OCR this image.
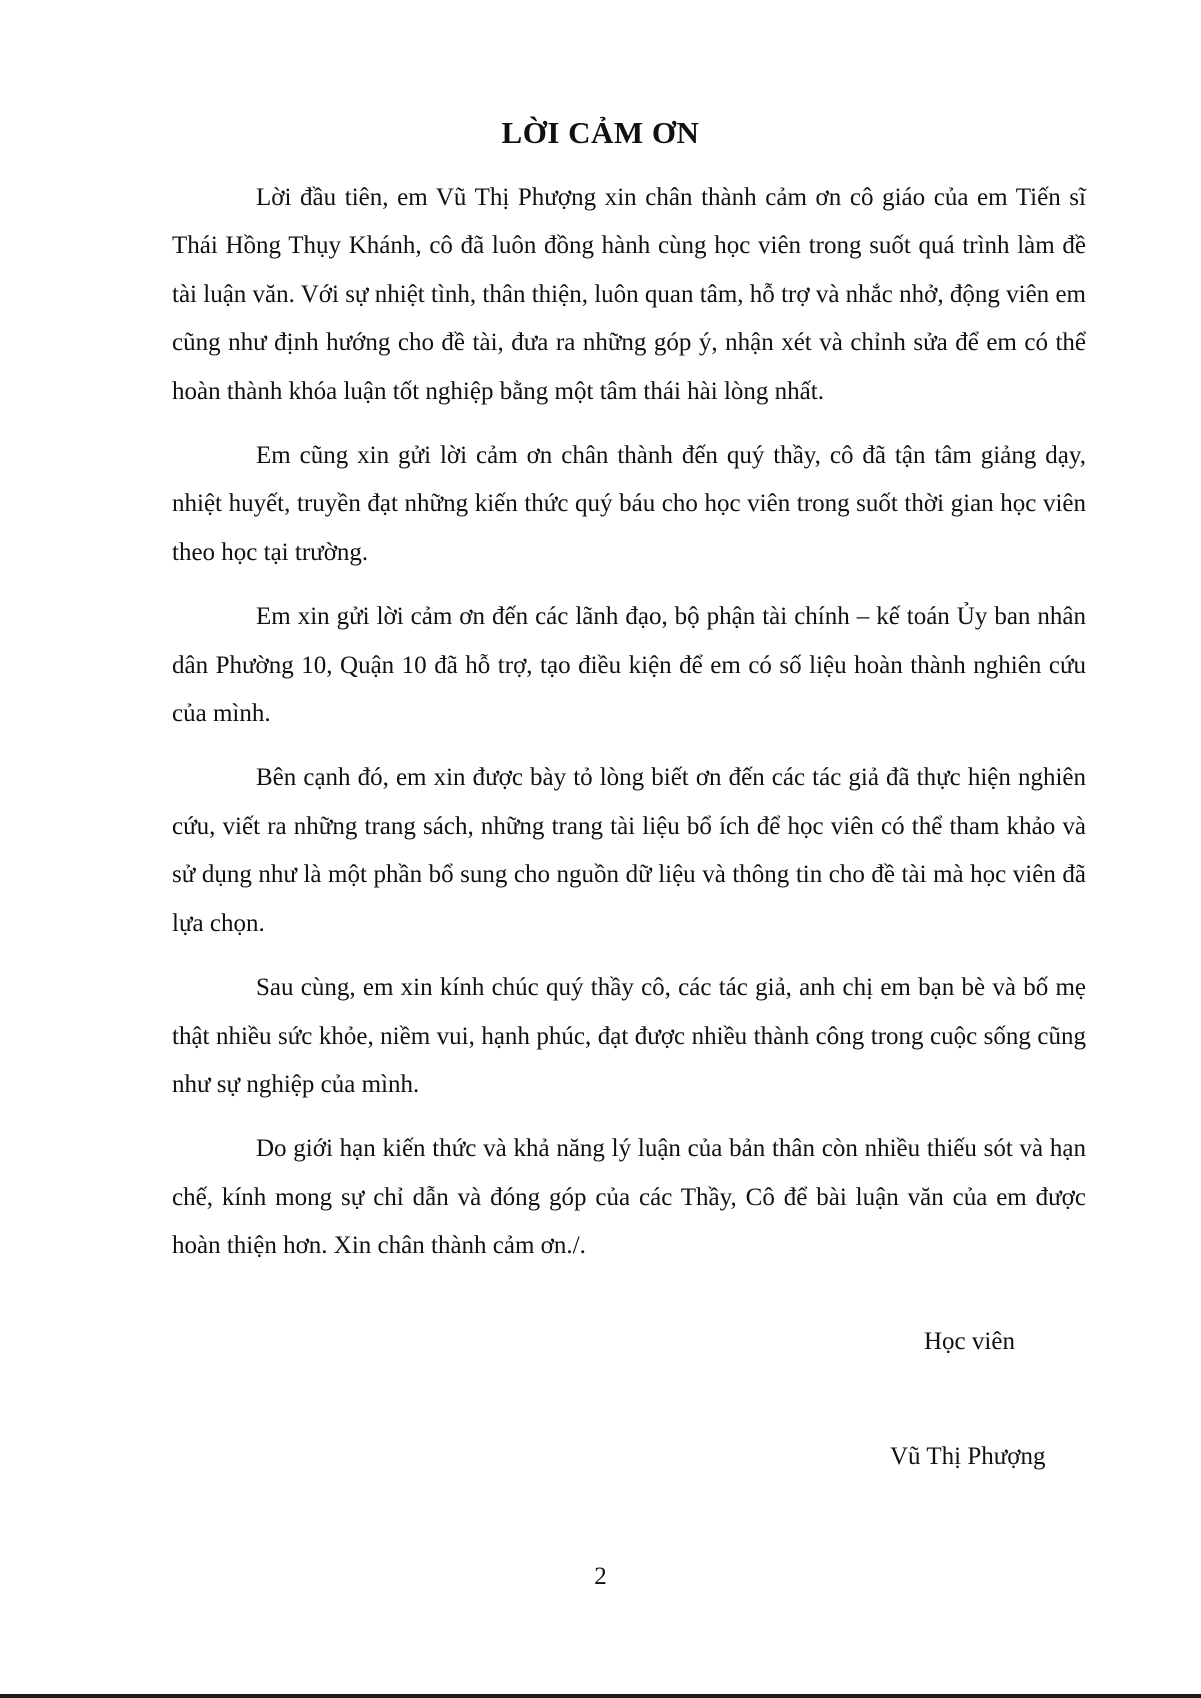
LỜI CẢM ƠN

Lời đầu tiên, em Vũ Thị Phượng xin chân thành cảm ơn cô giáo của em Tiến sĩ Thái Hồng Thụy Khánh, cô đã luôn đồng hành cùng học viên trong suốt quá trình làm đề tài luận văn. Với sự nhiệt tình, thân thiện, luôn quan tâm, hỗ trợ và nhắc nhở, động viên em cũng như định hướng cho đề tài, đưa ra những góp ý, nhận xét và chỉnh sửa để em có thể hoàn thành khóa luận tốt nghiệp bằng một tâm thái hài lòng nhất.

Em cũng xin gửi lời cảm ơn chân thành đến quý thầy, cô đã tận tâm giảng dạy, nhiệt huyết, truyền đạt những kiến thức quý báu cho học viên trong suốt thời gian học viên theo học tại trường.

Em xin gửi lời cảm ơn đến các lãnh đạo, bộ phận tài chính – kế toán Ủy ban nhân dân Phường 10, Quận 10 đã hỗ trợ, tạo điều kiện để em có số liệu hoàn thành nghiên cứu của mình.

Bên cạnh đó, em xin được bày tỏ lòng biết ơn đến các tác giả đã thực hiện nghiên cứu, viết ra những trang sách, những trang tài liệu bổ ích để học viên có thể tham khảo và sử dụng như là một phần bổ sung cho nguồn dữ liệu và thông tin cho đề tài mà học viên đã lựa chọn.

Sau cùng, em xin kính chúc quý thầy cô, các tác giả, anh chị em bạn bè và bố mẹ thật nhiều sức khỏe, niềm vui, hạnh phúc, đạt được nhiều thành công trong cuộc sống cũng như sự nghiệp của mình.

Do giới hạn kiến thức và khả năng lý luận của bản thân còn nhiều thiếu sót và hạn chế, kính mong sự chỉ dẫn và đóng góp của các Thầy, Cô để bài luận văn của em được hoàn thiện hơn. Xin chân thành cảm ơn./.

Học viên

Vũ Thị Phượng

2
